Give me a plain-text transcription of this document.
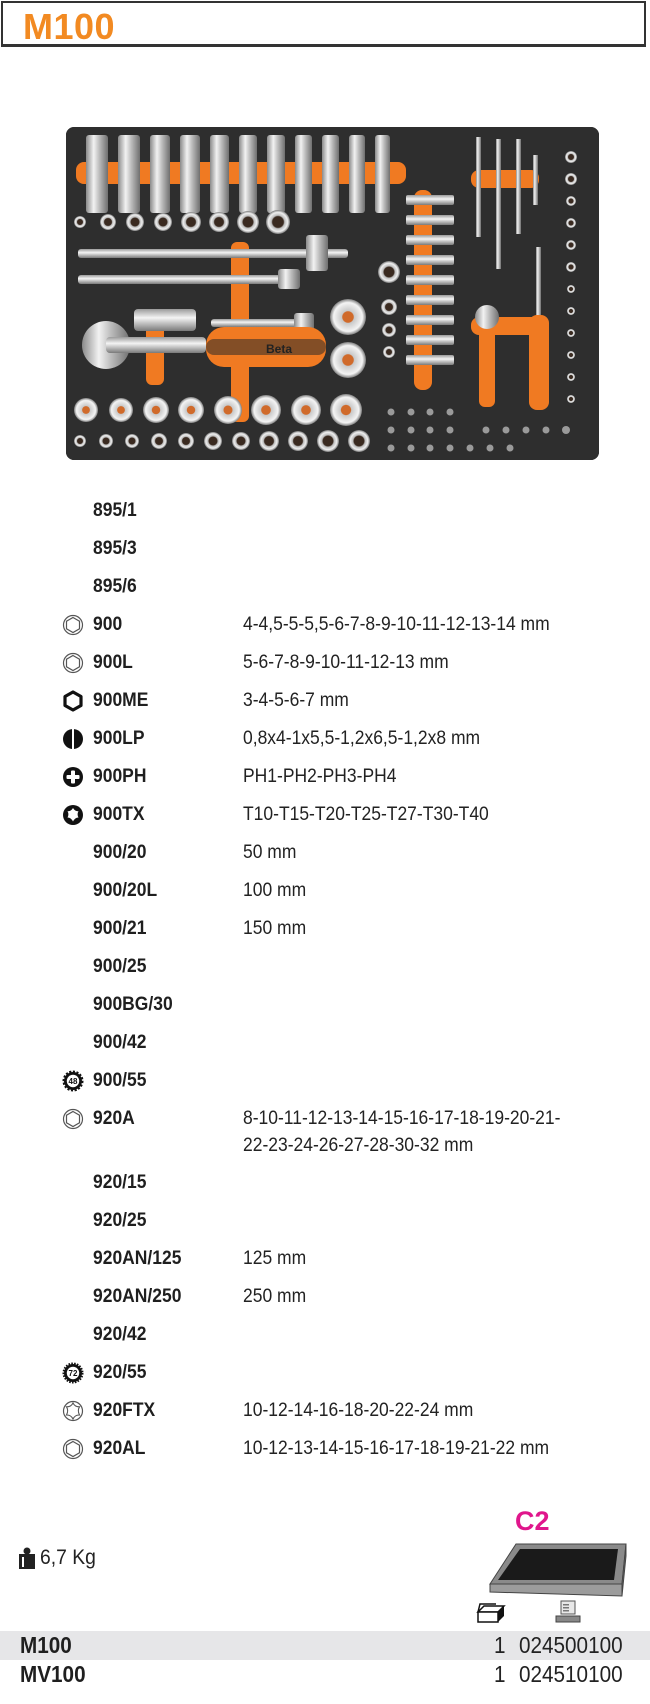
M100
Beta
895/1
895/3
895/6
900	4-4,5-5-5,5-6-7-8-9-10-11-12-13-14 mm
900L	5-6-7-8-9-10-11-12-13 mm
900ME	3-4-5-6-7 mm
900LP	0,8x4-1x5,5-1,2x6,5-1,2x8 mm
900PH	PH1-PH2-PH3-PH4
900TX	T10-T15-T20-T25-T27-T30-T40
900/20	50 mm
900/20L	100 mm
900/21	150 mm
900/25
900BG/30
900/42
48 900/55
920A	8-10-11-12-13-14-15-16-17-18-19-20-21-
22-23-24-26-27-28-30-32 mm
920/15
920/25
920AN/125	125 mm
920AN/250	250 mm
920/42
72 920/55
920FTX	10-12-14-16-18-20-22-24 mm
920AL	10-12-13-14-15-16-17-18-19-21-22 mm
6,7 Kg
C2
M100	1 024500100
MV100	1 024510100
